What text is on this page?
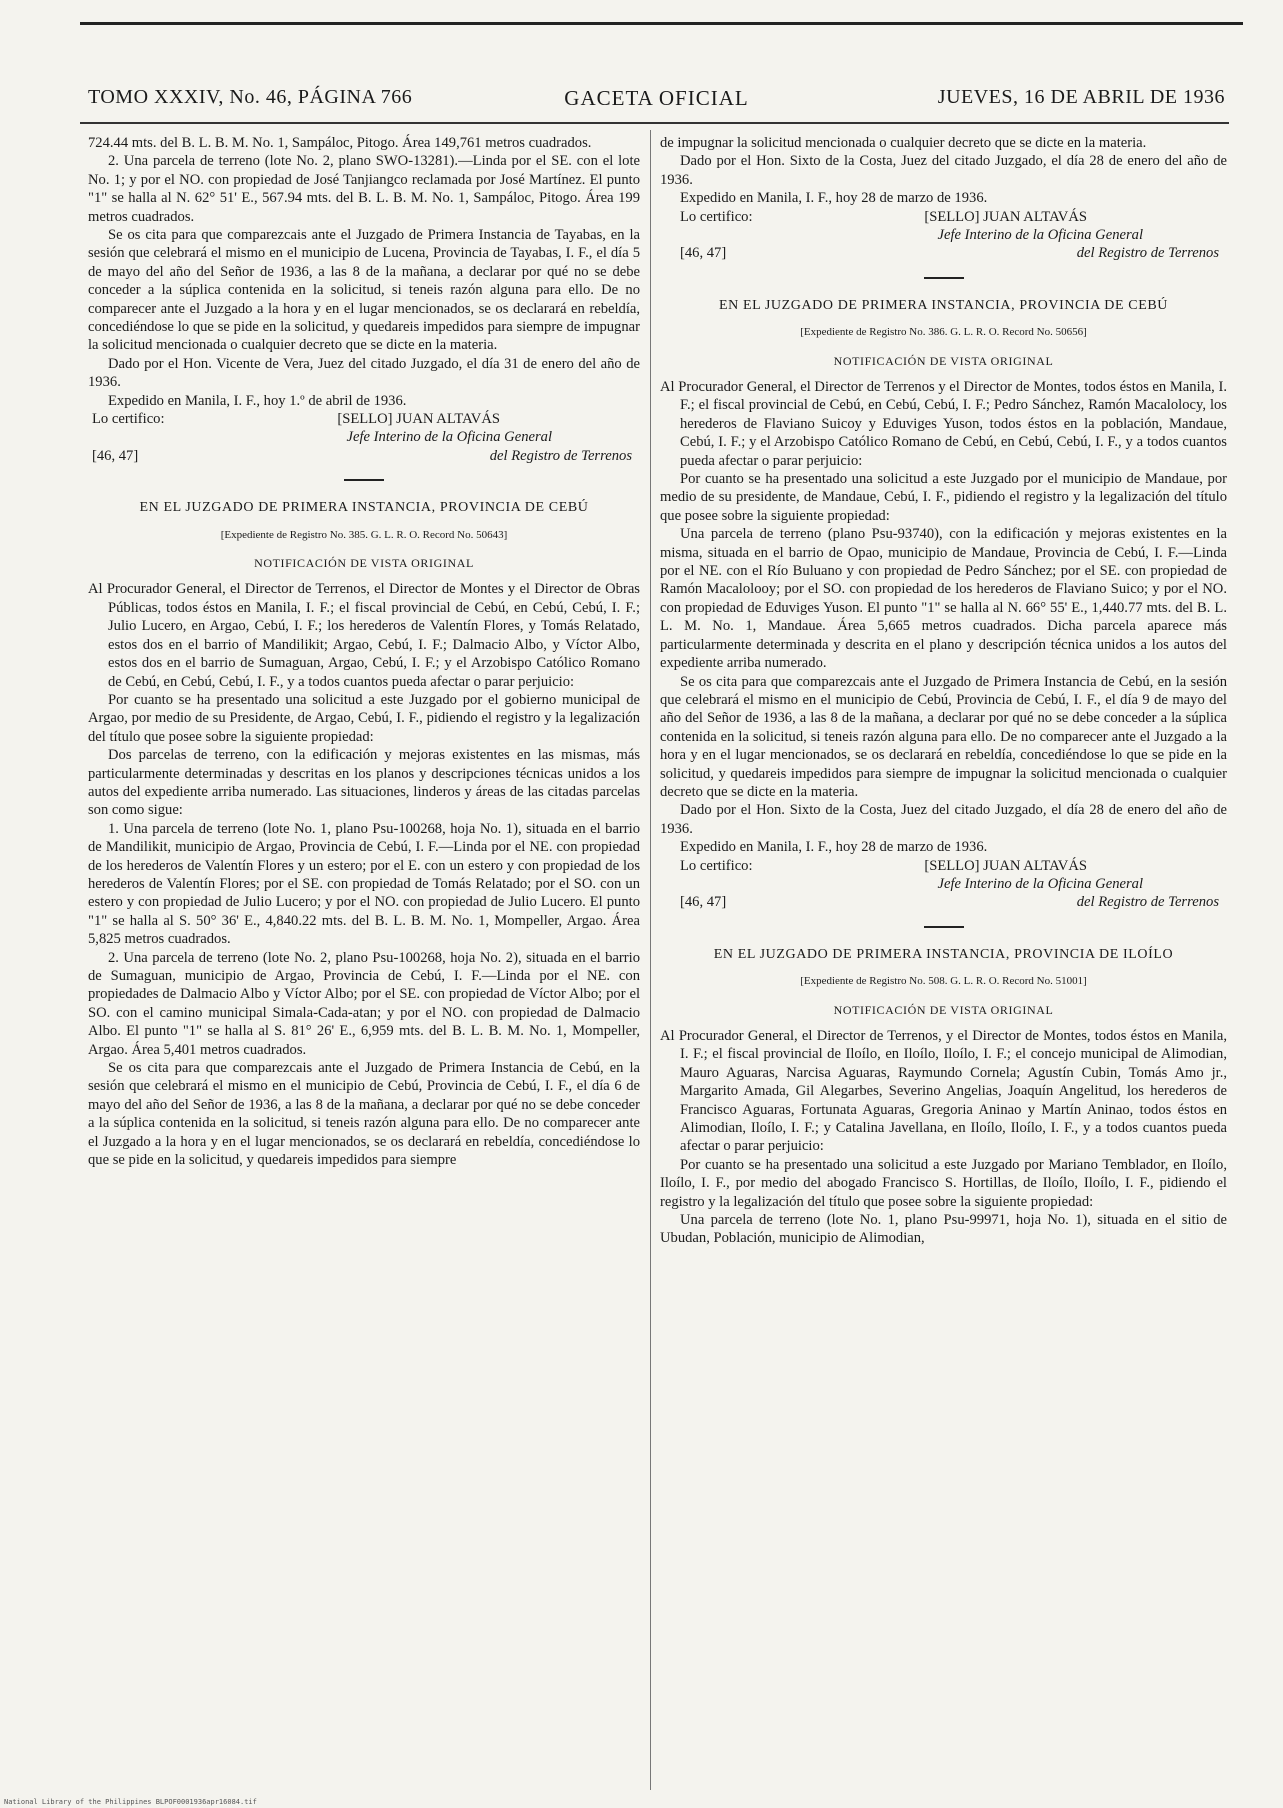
TOMO XXXIV, No. 46, PÁGINA 766	GACETA OFICIAL	JUEVES, 16 DE ABRIL DE 1936

724.44 mts. del B. L. B. M. No. 1, Sampáloc, Pitogo. Área 149,761 metros cuadrados.

2. Una parcela de terreno (lote No. 2, plano SWO-13281).—Linda por el SE. con el lote No. 1; y por el NO. con propiedad de José Tanjiangco reclamada por José Martínez. El punto "1" se halla al N. 62° 51' E., 567.94 mts. del B. L. B. M. No. 1, Sampáloc, Pitogo. Área 199 metros cuadrados.

Se os cita para que comparezcais ante el Juzgado de Primera Instancia de Tayabas, en la sesión que celebrará el mismo en el municipio de Lucena, Provincia de Tayabas, I. F., el día 5 de mayo del año del Señor de 1936, a las 8 de la mañana, a declarar por qué no se debe conceder a la súplica contenida en la solicitud, si teneis razón alguna para ello. De no comparecer ante el Juzgado a la hora y en el lugar mencionados, se os declarará en rebeldía, concediéndose lo que se pide en la solicitud, y quedareis impedidos para siempre de impugnar la solicitud mencionada o cualquier decreto que se dicte en la materia.

Dado por el Hon. Vicente de Vera, Juez del citado Juzgado, el día 31 de enero del año de 1936.

Expedido en Manila, I. F., hoy 1.º de abril de 1936.
Lo certifico:	[SELLO] JUAN ALTAVÁS
Jefe Interino de la Oficina General
[46, 47]	del Registro de Terrenos
EN EL JUZGADO DE PRIMERA INSTANCIA, PROVINCIA DE CEBÚ
[Expediente de Registro No. 385. G. L. R. O. Record No. 50643]
NOTIFICACIÓN DE VISTA ORIGINAL

Al Procurador General, el Director de Terrenos, el Director de Montes y el Director de Obras Públicas, todos éstos en Manila, I. F.; el fiscal provincial de Cebú, en Cebú, Cebú, I. F.; Julio Lucero, en Argao, Cebú, I. F.; los herederos de Valentín Flores, y Tomás Relatado, estos dos en el barrio of Mandilikit; Argao, Cebú, I. F.; Dalmacio Albo, y Víctor Albo, estos dos en el barrio de Sumaguan, Argao, Cebú, I. F.; y el Arzobispo Católico Romano de Cebú, en Cebú, Cebú, I. F., y a todos cuantos pueda afectar o parar perjuicio:

Por cuanto se ha presentado una solicitud a este Juzgado por el gobierno municipal de Argao, por medio de su Presidente, de Argao, Cebú, I. F., pidiendo el registro y la legalización del título que posee sobre la siguiente propiedad:

Dos parcelas de terreno, con la edificación y mejoras existentes en las mismas, más particularmente determinadas y descritas en los planos y descripciones técnicas unidos a los autos del expediente arriba numerado. Las situaciones, linderos y áreas de las citadas parcelas son como sigue:

1. Una parcela de terreno (lote No. 1, plano Psu-100268, hoja No. 1), situada en el barrio de Mandilikit, municipio de Argao, Provincia de Cebú, I. F.—Linda por el NE. con propiedad de los herederos de Valentín Flores y un estero; por el E. con un estero y con propiedad de los herederos de Valentín Flores; por el SE. con propiedad de Tomás Relatado; por el SO. con un estero y con propiedad de Julio Lucero; y por el NO. con propiedad de Julio Lucero. El punto "1" se halla al S. 50° 36' E., 4,840.22 mts. del B. L. B. M. No. 1, Mompeller, Argao. Área 5,825 metros cuadrados.

2. Una parcela de terreno (lote No. 2, plano Psu-100268, hoja No. 2), situada en el barrio de Sumaguan, municipio de Argao, Provincia de Cebú, I. F.—Linda por el NE. con propiedades de Dalmacio Albo y Víctor Albo; por el SE. con propiedad de Víctor Albo; por el SO. con el camino municipal Simala-Cada-atan; y por el NO. con propiedad de Dalmacio Albo. El punto "1" se halla al S. 81° 26' E., 6,959 mts. del B. L. B. M. No. 1, Mompeller, Argao. Área 5,401 metros cuadrados.

Se os cita para que comparezcais ante el Juzgado de Primera Instancia de Cebú, en la sesión que celebrará el mismo en el municipio de Cebú, Provincia de Cebú, I. F., el día 6 de mayo del año del Señor de 1936, a las 8 de la mañana, a declarar por qué no se debe conceder a la súplica contenida en la solicitud, si teneis razón alguna para ello. De no comparecer ante el Juzgado a la hora y en el lugar mencionados, se os declarará en rebeldía, concediéndose lo que se pide en la solicitud, y quedareis impedidos para siempre

de impugnar la solicitud mencionada o cualquier decreto que se dicte en la materia.

Dado por el Hon. Sixto de la Costa, Juez del citado Juzgado, el día 28 de enero del año de 1936.

Expedido en Manila, I. F., hoy 28 de marzo de 1936.
Lo certifico:	[SELLO] JUAN ALTAVÁS
Jefe Interino de la Oficina General
[46, 47]	del Registro de Terrenos
EN EL JUZGADO DE PRIMERA INSTANCIA, PROVINCIA DE CEBÚ
[Expediente de Registro No. 386. G. L. R. O. Record No. 50656]
NOTIFICACIÓN DE VISTA ORIGINAL

Al Procurador General, el Director de Terrenos y el Director de Montes, todos éstos en Manila, I. F.; el fiscal provincial de Cebú, en Cebú, Cebú, I. F.; Pedro Sánchez, Ramón Macalolocy, los herederos de Flaviano Suicoy y Eduviges Yuson, todos éstos en la población, Mandaue, Cebú, I. F.; y el Arzobispo Católico Romano de Cebú, en Cebú, Cebú, I. F., y a todos cuantos pueda afectar o parar perjuicio:

Por cuanto se ha presentado una solicitud a este Juzgado por el municipio de Mandaue, por medio de su presidente, de Mandaue, Cebú, I. F., pidiendo el registro y la legalización del título que posee sobre la siguiente propiedad:

Una parcela de terreno (plano Psu-93740), con la edificación y mejoras existentes en la misma, situada en el barrio de Opao, municipio de Mandaue, Provincia de Cebú, I. F.—Linda por el NE. con el Río Buluano y con propiedad de Pedro Sánchez; por el SE. con propiedad de Ramón Macalolooy; por el SO. con propiedad de los herederos de Flaviano Suico; y por el NO. con propiedad de Eduviges Yuson. El punto "1" se halla al N. 66° 55' E., 1,440.77 mts. del B. L. L. M. No. 1, Mandaue. Área 5,665 metros cuadrados. Dicha parcela aparece más particularmente determinada y descrita en el plano y descripción técnica unidos a los autos del expediente arriba numerado.

Se os cita para que comparezcais ante el Juzgado de Primera Instancia de Cebú, en la sesión que celebrará el mismo en el municipio de Cebú, Provincia de Cebú, I. F., el día 9 de mayo del año del Señor de 1936, a las 8 de la mañana, a declarar por qué no se debe conceder a la súplica contenida en la solicitud, si teneis razón alguna para ello. De no comparecer ante el Juzgado a la hora y en el lugar mencionados, se os declarará en rebeldía, concediéndose lo que se pide en la solicitud, y quedareis impedidos para siempre de impugnar la solicitud mencionada o cualquier decreto que se dicte en la materia.

Dado por el Hon. Sixto de la Costa, Juez del citado Juzgado, el día 28 de enero del año de 1936.

Expedido en Manila, I. F., hoy 28 de marzo de 1936.
Lo certifico:	[SELLO] JUAN ALTAVÁS
Jefe Interino de la Oficina General
[46, 47]	del Registro de Terrenos
EN EL JUZGADO DE PRIMERA INSTANCIA, PROVINCIA DE ILOÍLO
[Expediente de Registro No. 508. G. L. R. O. Record No. 51001]
NOTIFICACIÓN DE VISTA ORIGINAL

Al Procurador General, el Director de Terrenos, y el Director de Montes, todos éstos en Manila, I. F.; el fiscal provincial de Iloílo, en Iloílo, Iloílo, I. F.; el concejo municipal de Alimodian, Mauro Aguaras, Narcisa Aguaras, Raymundo Cornela; Agustín Cubin, Tomás Amo jr., Margarito Amada, Gil Alegarbes, Severino Angelias, Joaquín Angelitud, los herederos de Francisco Aguaras, Fortunata Aguaras, Gregoria Aninao y Martín Aninao, todos éstos en Alimodian, Iloílo, I. F.; y Catalina Javellana, en Iloílo, Iloílo, I. F., y a todos cuantos pueda afectar o parar perjuicio:

Por cuanto se ha presentado una solicitud a este Juzgado por Mariano Temblador, en Iloílo, Iloílo, I. F., por medio del abogado Francisco S. Hortillas, de Iloílo, Iloílo, I. F., pidiendo el registro y la legalización del título que posee sobre la siguiente propiedad:

Una parcela de terreno (lote No. 1, plano Psu-99971, hoja No. 1), situada en el sitio de Ubudan, Población, municipio de Alimodian,

National Library of the Philippines BLPOF0001936apr16084.tif
